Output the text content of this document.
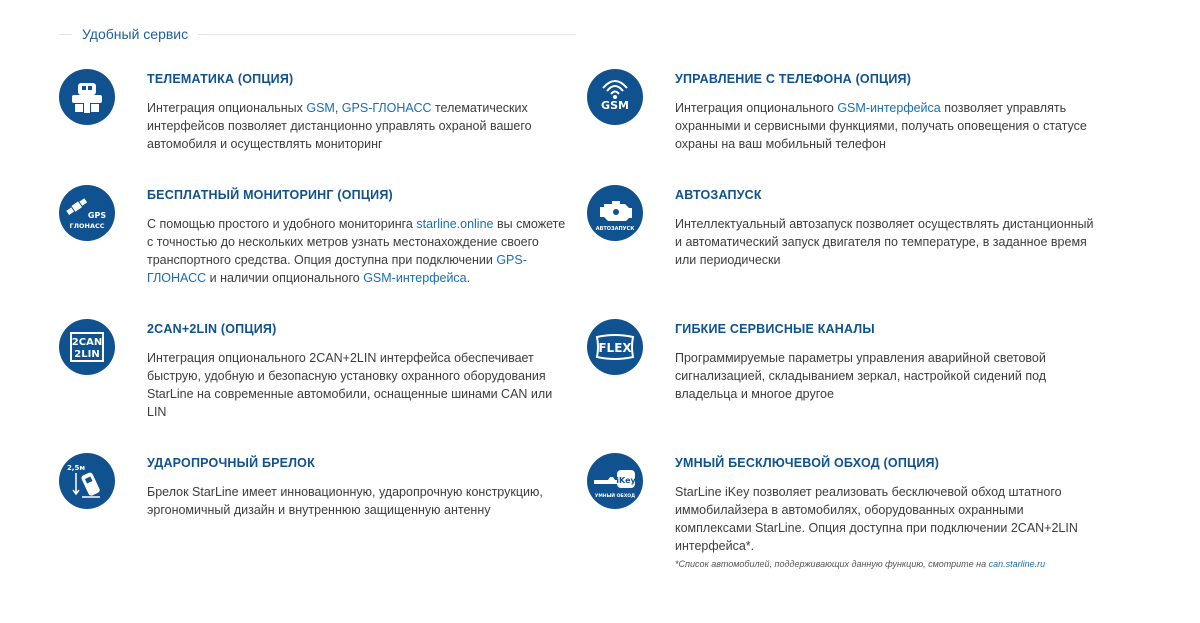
Удобный сервис
ТЕЛЕМАТИКА (ОПЦИЯ)

Интеграция опциональных GSM, GPS-ГЛОНАСС телематических интерфейсов позволяет дистанционно управлять охраной вашего автомобиля и осуществлять мониторинг

GSM
УПРАВЛЕНИЕ С ТЕЛЕФОНА (ОПЦИЯ)

Интеграция опционального GSM-интерфейса позволяет управлять охранными и сервисными функциями, получать оповещения о статусе охраны на ваш мобильный телефон

GPS
ГЛОНАСС
БЕСПЛАТНЫЙ МОНИТОРИНГ (ОПЦИЯ)

С помощью простого и удобного мониторинга starline.online вы сможете с точностью до нескольких метров узнать местонахождение своего транспортного средства. Опция доступна при подключении GPS-ГЛОНАСС и наличии опционального GSM-интерфейса.

АВТОЗАПУСК
АВТОЗАПУСК

Интеллектуальный автозапуск позволяет осуществлять дистанционный и автоматический запуск двигателя по температуре, в заданное время или периодически

2CAN
2LIN
2CAN+2LIN (ОПЦИЯ)

Интеграция опционального 2CAN+2LIN интерфейса обеспечивает быструю, удобную и безопасную установку охранного оборудования StarLine на современные автомобили, оснащенные шинами CAN или LIN

FLEX
ГИБКИЕ СЕРВИСНЫЕ КАНАЛЫ

Программируемые параметры управления аварийной световой сигнализацией, складыванием зеркал, настройкой сидений под владельца и многое другое

2,5м	УДАРОПРОЧНЫЙ БРЕЛОК

Брелок StarLine имеет инновационную, ударопрочную конструкцию, эргономичный дизайн и внутреннюю защищенную антенну

iKey
УМНЫЙ ОБХОД
УМНЫЙ БЕСКЛЮЧЕВОЙ ОБХОД (ОПЦИЯ)

StarLine iKey позволяет реализовать бесключевой обход штатного иммобилайзера в автомобилях, оборудованных охранными комплексами StarLine. Опция доступна при подключении 2CAN+2LIN интерфейса*.

*Список автомобилей, поддерживающих данную функцию, смотрите на can.starline.ru
